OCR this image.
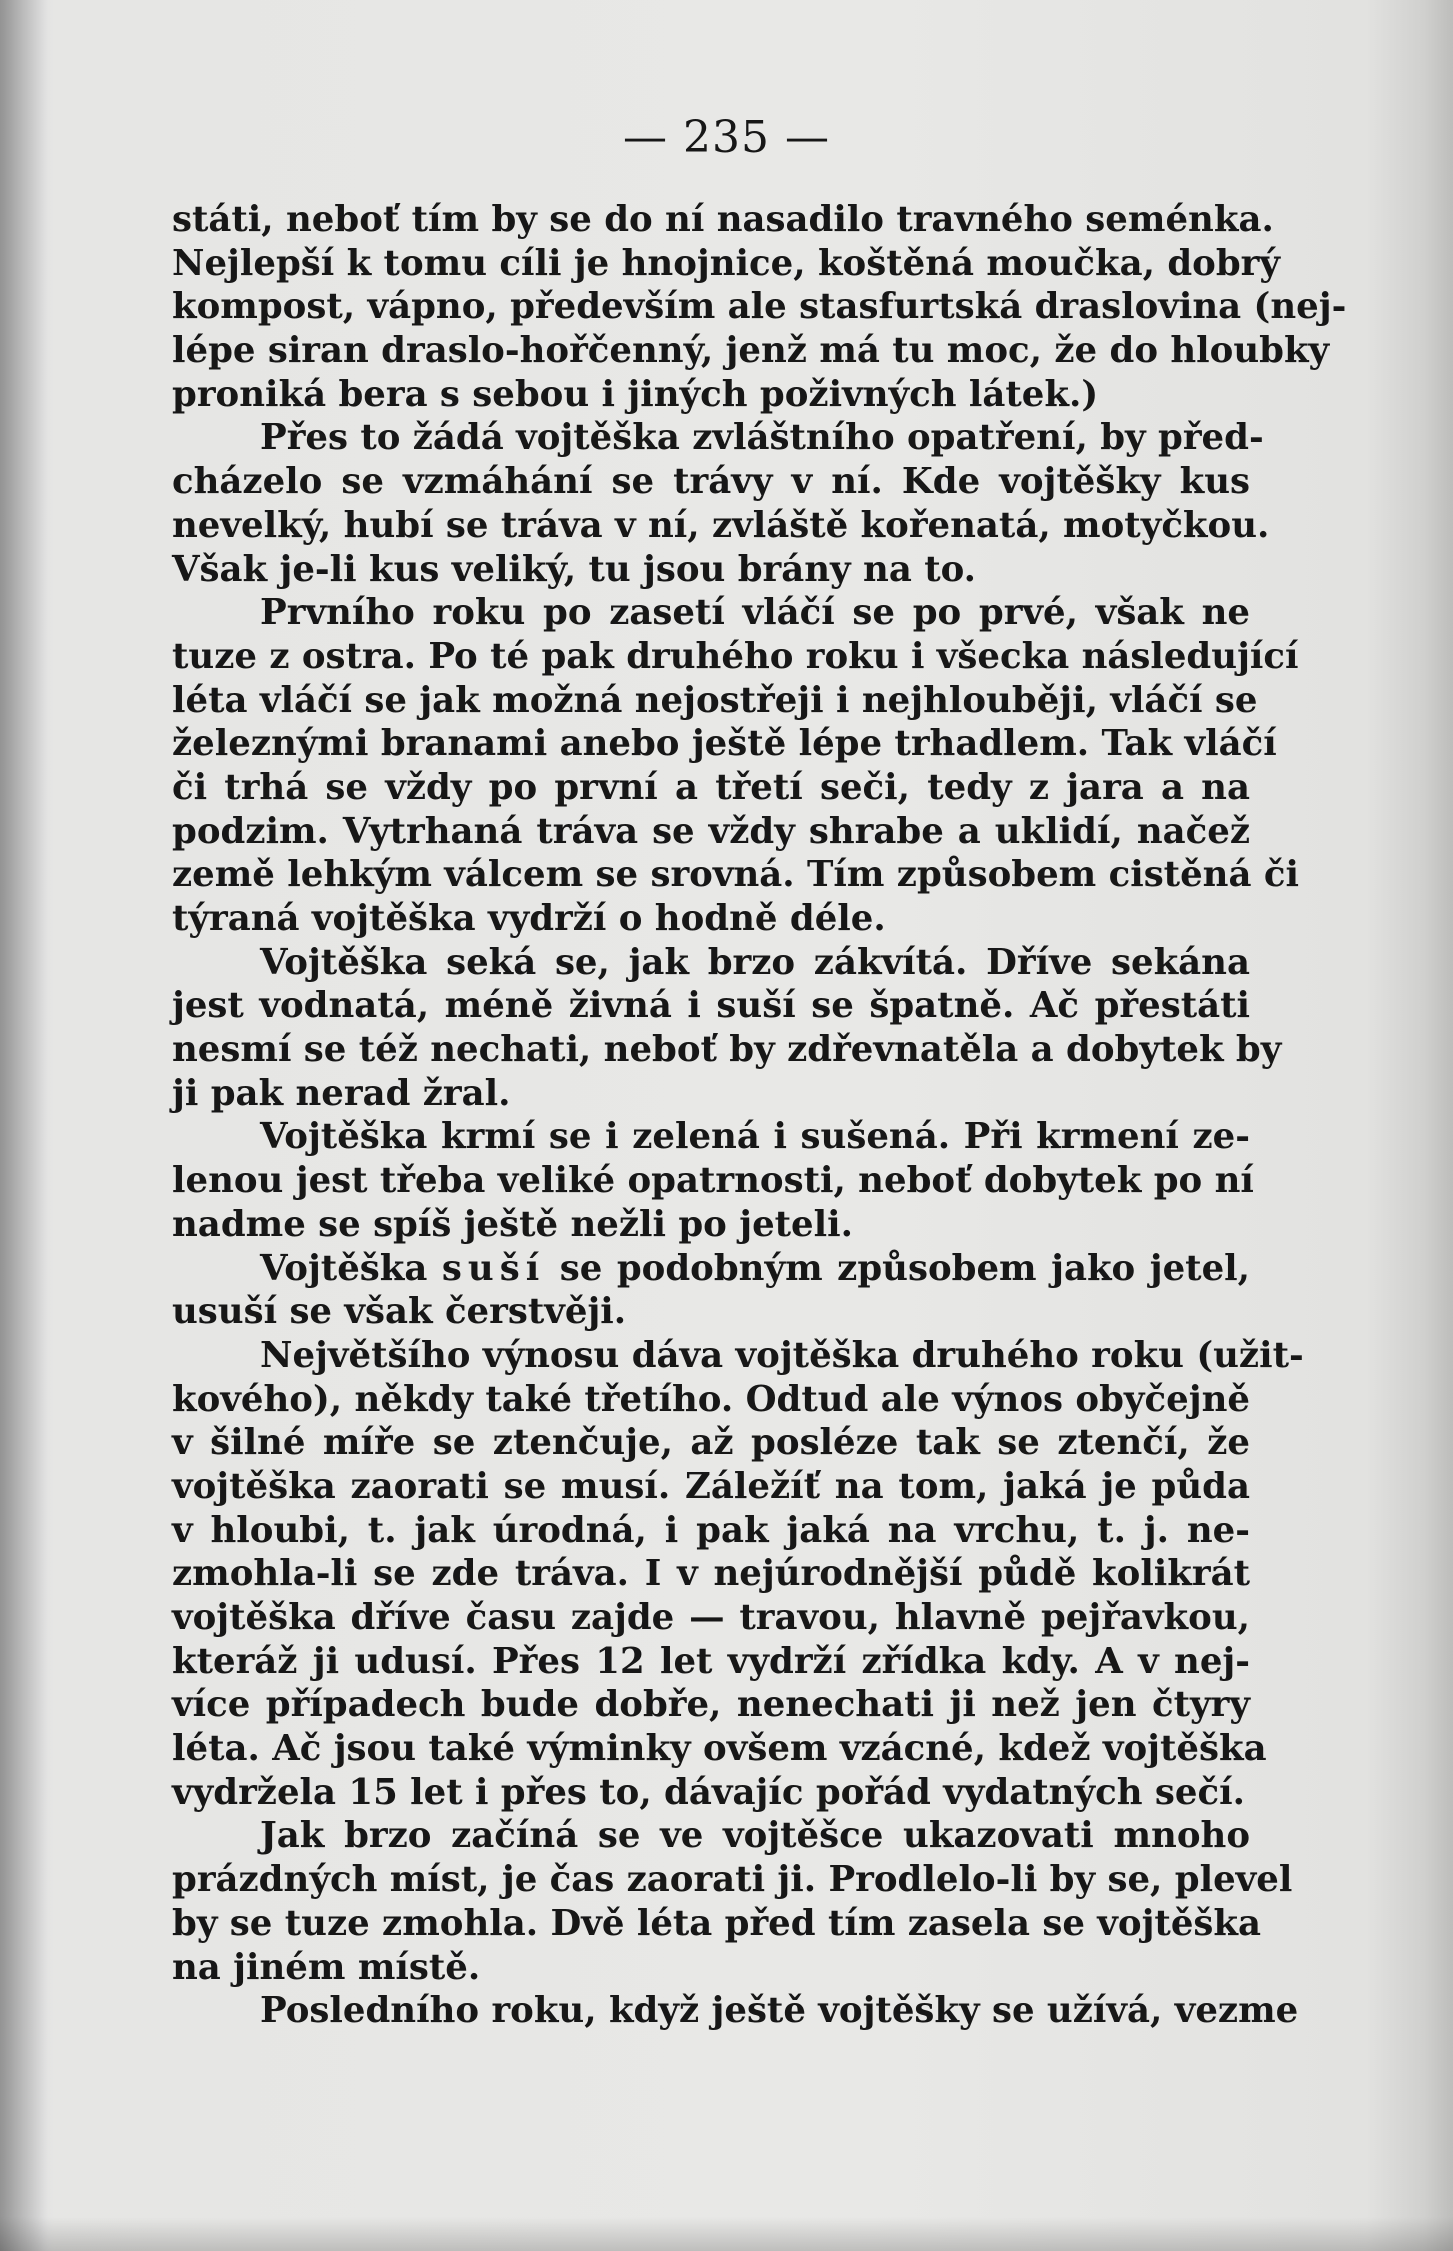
— 235 —
státi, neboť tím by se do ní nasadilo travného seménka.
Nejlepší k tomu cíli je hnojnice, koštěná moučka, dobrý
kompost, vápno, především ale stasfurtská draslovina (nej-
lépe siran draslo-hořčenný, jenž má tu moc, že do hloubky
proniká bera s sebou i jiných poživných látek.)
Přes to žádá vojtěška zvláštního opatření, by před-
cházelo se vzmáhání se trávy v ní. Kde vojtěšky kus
nevelký, hubí se tráva v ní, zvláště kořenatá, motyčkou.
Však je-li kus veliký, tu jsou brány na to.
Prvního roku po zasetí vláčí se po prvé, však ne
tuze z ostra. Po té pak druhého roku i všecka následující
léta vláčí se jak možná nejostřeji i nejhlouběji, vláčí se
železnými branami anebo ještě lépe trhadlem. Tak vláčí
či trhá se vždy po první a třetí seči, tedy z jara a na
podzim. Vytrhaná tráva se vždy shrabe a uklidí, načež
země lehkým válcem se srovná. Tím způsobem cistěná či
týraná vojtěška vydrží o hodně déle.
Vojtěška seká se, jak brzo zákvítá. Dříve sekána
jest vodnatá, méně živná i suší se špatně. Ač přestáti
nesmí se též nechati, neboť by zdřevnatěla a dobytek by
ji pak nerad žral.
Vojtěška krmí se i zelená i sušená. Při krmení ze-
lenou jest třeba veliké opatrnosti, neboť dobytek po ní
nadme se spíš ještě nežli po jeteli.
Vojtěška suší se podobným způsobem jako jetel,
usuší se však čerstvěji.
Největšího výnosu dáva vojtěška druhého roku (užit-
kového), někdy také třetího. Odtud ale výnos obyčejně
v šilné míře se ztenčuje, až posléze tak se ztenčí, že
vojtěška zaorati se musí. Záležíť na tom, jaká je půda
v hloubi, t. jak úrodná, i pak jaká na vrchu, t. j. ne-
zmohla-li se zde tráva. I v nejúrodnější půdě kolikrát
vojtěška dříve času zajde — travou, hlavně pejřavkou,
kteráž ji udusí. Přes 12 let vydrží zřídka kdy. A v nej-
více případech bude dobře, nenechati ji než jen čtyry
léta. Ač jsou také výminky ovšem vzácné, kdež vojtěška
vydržela 15 let i přes to, dávajíc pořád vydatných sečí.
Jak brzo začíná se ve vojtěšce ukazovati mnoho
prázdných míst, je čas zaorati ji. Prodlelo-li by se, plevel
by se tuze zmohla. Dvě léta před tím zasela se vojtěška
na jiném místě.
Posledního roku, když ještě vojtěšky se užívá, vezme
